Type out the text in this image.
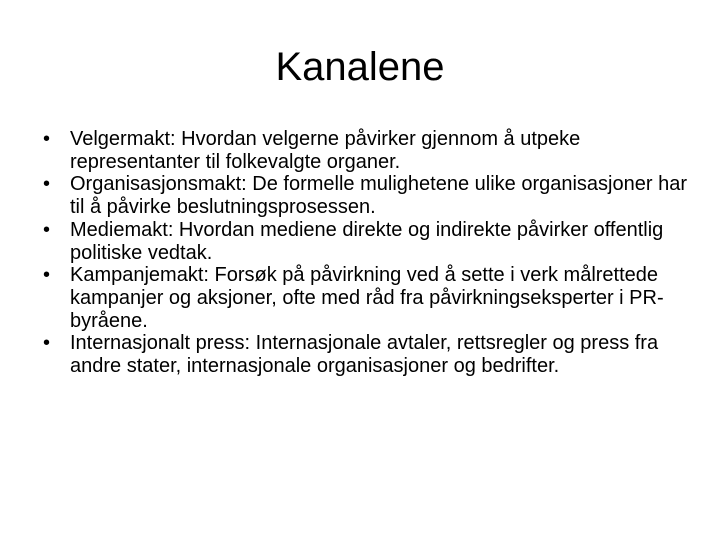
Kanalene
• Velgermakt: Hvordan velgerne påvirker gjennom å utpeke representanter til folkevalgte organer.
• Organisasjonsmakt: De formelle mulighetene ulike organisasjoner har til å påvirke beslutningsprosessen.
• Mediemakt: Hvordan mediene direkte og indirekte påvirker offentlig politiske vedtak.
• Kampanjemakt: Forsøk på påvirkning ved å sette i verk målrettede kampanjer og aksjoner, ofte med råd fra påvirkningseksperter i PR-byråene.
• Internasjonalt press: Internasjonale avtaler, rettsregler og press fra andre stater, internasjonale organisasjoner og bedrifter.
